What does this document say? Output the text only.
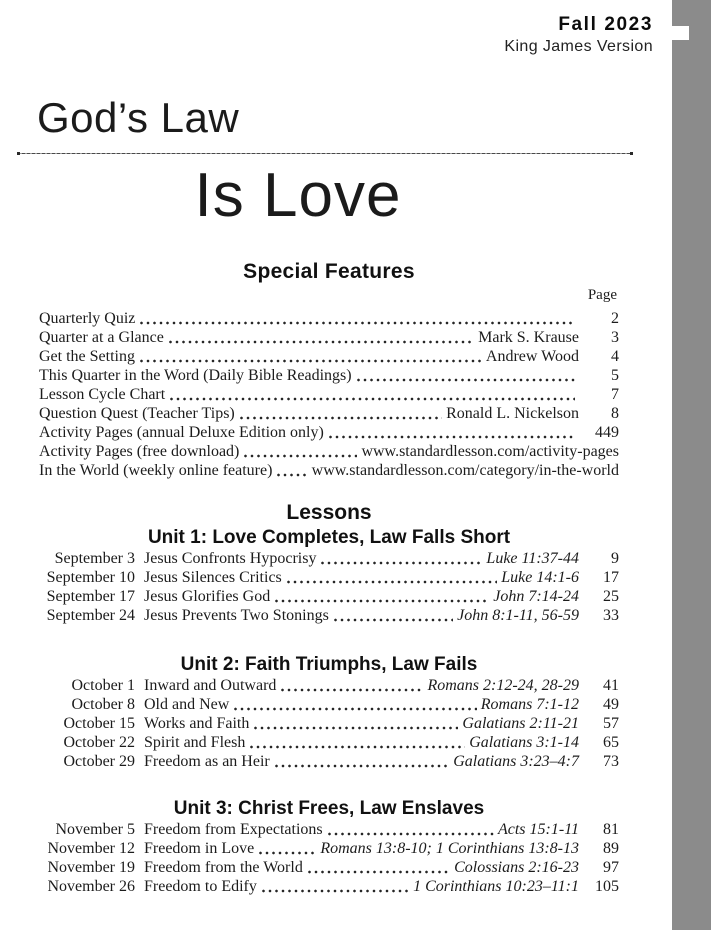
Fall 2023
King James Version
God’s Law
Is Love
Special Features
Page
Quarterly Quiz	2
Quarter at a Glance	Mark S. Krause	3
Get the Setting	Andrew Wood	4
This Quarter in the Word (Daily Bible Readings)	5
Lesson Cycle Chart	7
Question Quest (Teacher Tips)	Ronald L. Nickelson	8
Activity Pages (annual Deluxe Edition only)	449
Activity Pages (free download)	www.standardlesson.com/activity-pages
In the World (weekly online feature) www.standardlesson.com/category/in-the-world
Lessons
Unit 1: Love Completes, Law Falls Short
September 3 Jesus Confronts Hypocrisy	Luke 11:37-44	9
September 10 Jesus Silences Critics	Luke 14:1-6	17
September 17 Jesus Glorifies God	John 7:14-24	25
September 24 Jesus Prevents Two Stonings	John 8:1-11, 56-59	33
Unit 2: Faith Triumphs, Law Fails
October 1 Inward and Outward	Romans 2:12-24, 28-29	41
October 8 Old and New	Romans 7:1-12	49
October 15 Works and Faith	Galatians 2:11-21	57
October 22 Spirit and Flesh	Galatians 3:1-14	65
October 29 Freedom as an Heir	Galatians 3:23–4:7	73
Unit 3: Christ Frees, Law Enslaves
November 5 Freedom from Expectations	Acts 15:1-11	81
November 12 Freedom in Love	Romans 13:8-10; 1 Corinthians 13:8-13	89
November 19 Freedom from the World	Colossians 2:16-23	97
November 26 Freedom to Edify	1 Corinthians 10:23–11:1	105
